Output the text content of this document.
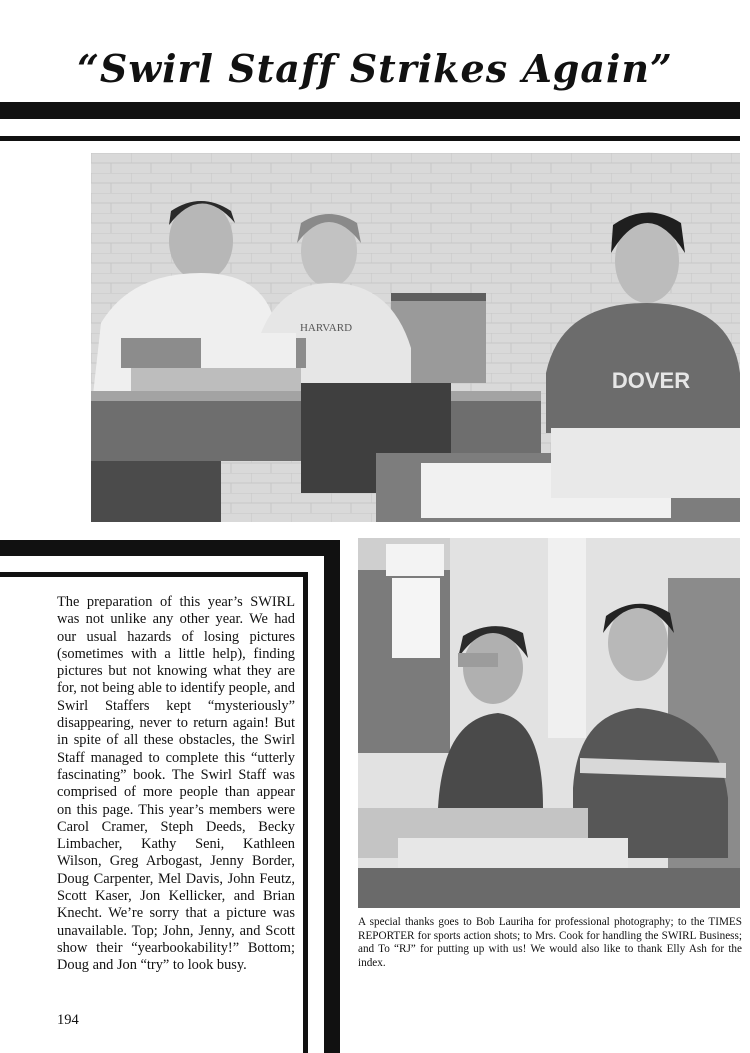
“Swirl Staff Strikes Again”
HARVARD
DOVER
The preparation of this year’s SWIRL was not unlike any other year. We had our usual hazards of losing pictures (sometimes with a little help), finding pictures but not knowing what they are for, not being able to identify people, and Swirl Staffers kept “mysteriously” disappearing, never to return again! But in spite of all these obstacles, the Swirl Staff managed to complete this “utterly fascinating” book. The Swirl Staff was comprised of more people than appear on this page. This year’s members were Carol Cramer, Steph Deeds, Becky Limbacher, Kathy Seni, Kathleen Wilson, Greg Arbogast, Jenny Border, Doug Carpenter, Mel Davis, John Feutz, Scott Kaser, Jon Kellicker, and Brian Knecht. We’re sorry that a picture was unavailable. Top; John, Jenny, and Scott show their “yearbookability!” Bottom; Doug and Jon “try” to look busy.
A special thanks goes to Bob Lauriha for professional photography; to the TIMES REPORTER for sports action shots; to Mrs. Cook for handling the SWIRL Business; and To “RJ” for putting up with us! We would also like to thank Elly Ash for the index.
194
